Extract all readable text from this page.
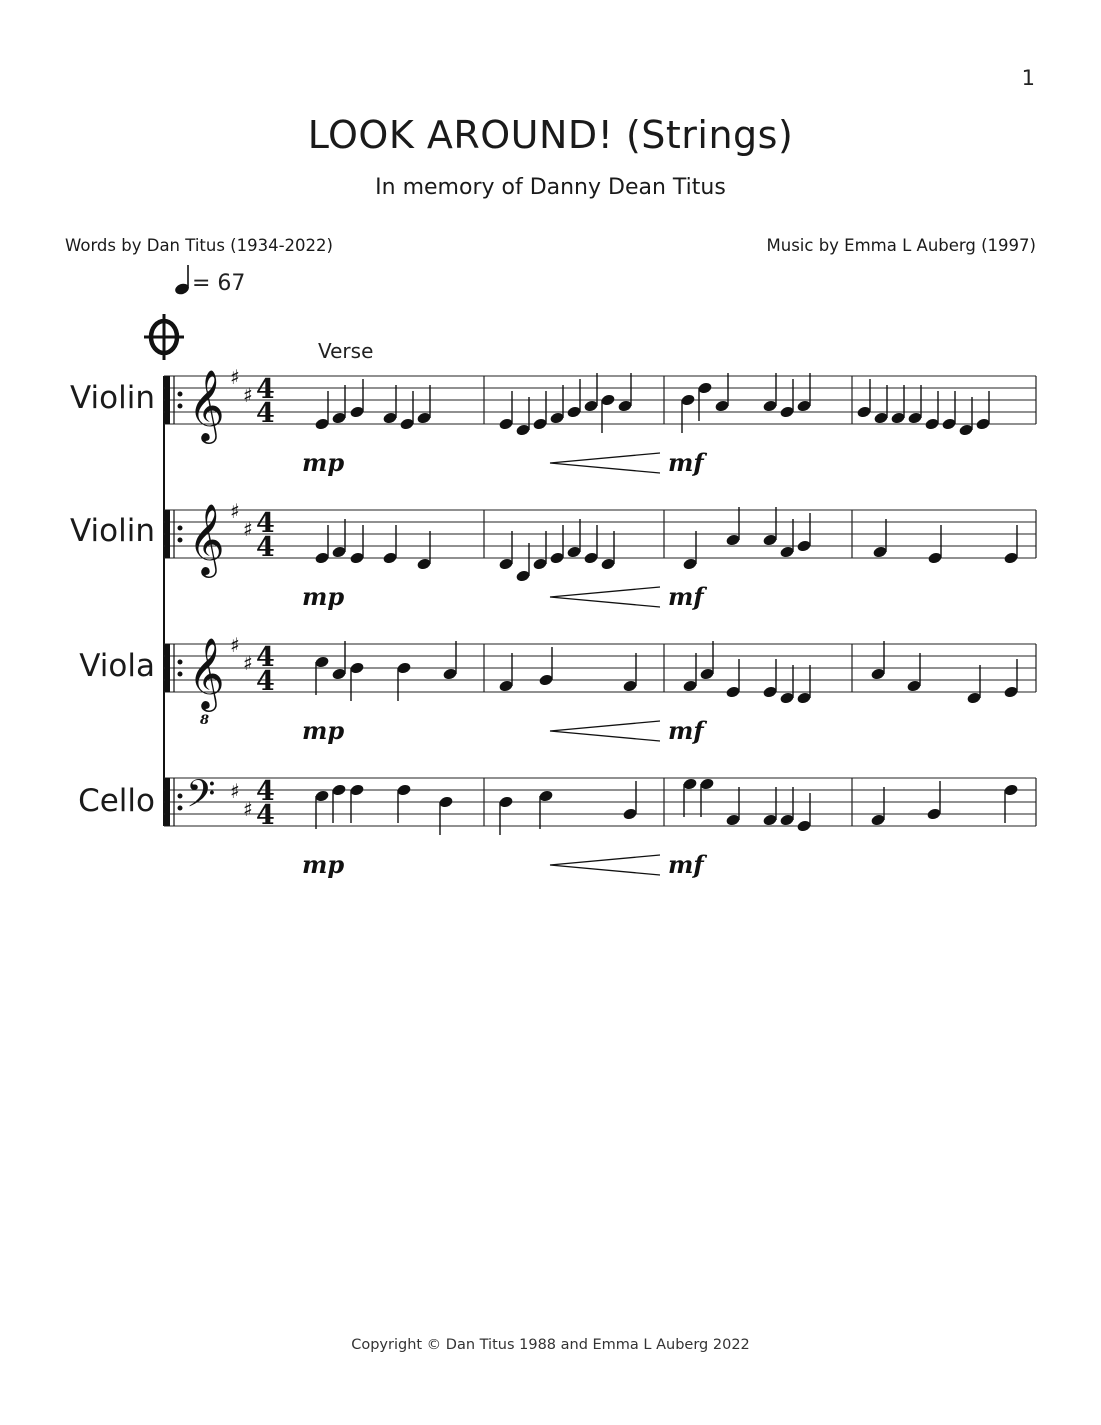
1
LOOK AROUND! (Strings)
In memory of Danny Dean Titus
Words by Dan Titus (1934-2022)	Music by Emma L Auberg (1997)
= 67
Verse
𝄞 ♯
♯ 4
4
𝄞 ♯
♯ 4
4
𝄞
8
♯
♯ 4
4
𝄢 ♯
♯
4
4
mp	mf
mp	mf
mp	mf
mp	mf
Violin
Violin
Viola
Cello
Copyright © Dan Titus 1988 and Emma L Auberg 2022
